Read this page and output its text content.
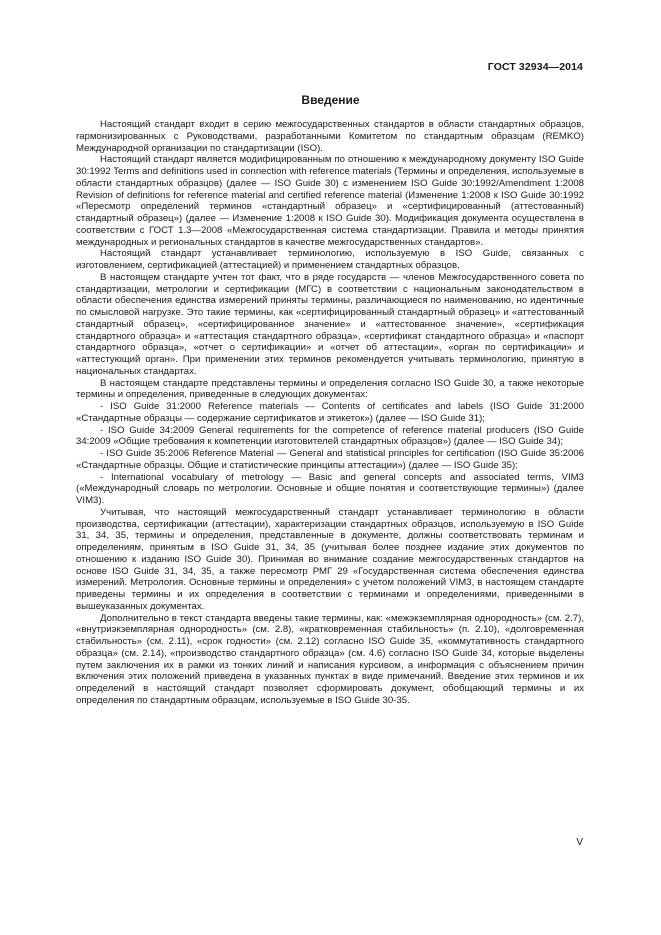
ГОСТ 32934—2014
Введение

Настоящий стандарт входит в серию межгосударственных стандартов в области стандартных образцов, гармонизированных с Руководствами, разработанными Комитетом по стандартным образцам (REMKO) Международной организации по стандартизации (ISO).

Настоящий стандарт является модифицированным по отношению к международному документу ISO Guide 30:1992 Terms and definitions used in connection with reference materials (Термины и определения, используемые в области стандартных образцов) (далее — ISO Guide 30) с изменением ISO Guide 30:1992/Amendment 1:2008 Revision of definitions for reference material and certified reference material (Изменение 1:2008 к ISO Guide 30:1992 «Пересмотр определений терминов «стандартный образец» и «сертифицированный (аттестованный) стандартный образец») (далее — Изменение 1:2008 к ISO Guide 30). Модификация документа осуществлена в соответствии с ГОСТ 1.3—2008 «Межгосударственная система стандартизации. Правила и методы принятия международных и региональных стандартов в качестве межгосударственных стандартов».

Настоящий стандарт устанавливает терминологию, используемую в ISO Guide, связанных с изготовлением, сертификацией (аттестацией) и применением стандартных образцов.

В настоящем стандарте учтен тот факт, что в ряде государств — членов Межгосударственного совета по стандартизации, метрологии и сертификации (МГС) в соответствии с национальным законодательством в области обеспечения единства измерений приняты термины, различающиеся по наименованию, но идентичные по смысловой нагрузке. Это такие термины, как «сертифицированный стандартный образец» и «аттестованный стандартный образец», «сертифицированное значение» и «аттестованное значение», «сертификация стандартного образца» и «аттестация стандартного образца», «сертификат стандартного образца» и «паспорт стандартного образца», «отчет о сертификации» и «отчет об аттестации», «орган по сертификации» и «аттестующий орган». При применении этих терминов рекомендуется учитывать терминологию, принятую в национальных стандартах.

В настоящем стандарте представлены термины и определения согласно ISO Guide 30, а также некоторые термины и определения, приведенные в следующих документах:

- ISO Guide 31:2000 Reference materials — Contents of certificates and labels (ISO Guide 31:2000 «Стандартные образцы — содержание сертификатов и этикеток») (далее — ISO Guide 31);

- ISO Guide 34:2009 General requirements for the competence of reference material producers (ISO Guide 34:2009 «Общие требования к компетенции изготовителей стандартных образцов») (далее — ISO Guide 34);

- ISO Guide 35:2006 Reference Material — General and statistical principles for certification (ISO Guide 35:2006 «Стандартные образцы. Общие и статистические принципы аттестации») (далее — ISO Guide 35);

- International vocabulary of metrology — Basic and general concepts and associated terms, VIM3 («Международный словарь по метрологии. Основные и общие понятия и соответствующие термины») (далее VIM3).

Учитывая, что настоящий межгосударственный стандарт устанавливает терминологию в области производства, сертификации (аттестации), характеризации стандартных образцов, используемую в ISO Guide 31, 34, 35, термины и определения, представленные в документе, должны соответствовать терминам и определениям, принятым в ISO Guide 31, 34, 35 (учитывая более позднее издание этих документов по отношению к изданию ISO Guide 30). Принимая во внимание создание межгосударственных стандартов на основе ISO Guide 31, 34, 35, а также пересмотр РМГ 29 «Государственная система обеспечения единства измерений. Метрология. Основные термины и определения» с учетом положений VIM3, в настоящем стандарте приведены термины и их определения в соответствии с терминами и определениями, приведенными в вышеуказанных документах.

Дополнительно в текст стандарта введены такие термины, как: «межэкземплярная однородность» (см. 2.7), «внутриэкземплярная однородность» (см. 2.8), «кратковременная стабильность» (п. 2.10), «долговременная стабильность» (см. 2.11), «срок годности» (см. 2.12) согласно ISO Guide 35, «коммутативность стандартного образца» (см. 2.14), «производство стандартного образца» (см. 4.6) согласно ISO Guide 34, которые выделены путем заключения их в рамки из тонких линий и написания курсивом, а информация с объяснением причин включения этих положений приведена в указанных пунктах в виде примечаний. Введение этих терминов и их определений в настоящий стандарт позволяет сформировать документ, обобщающий термины и их определения по стандартным образцам, используемые в ISO Guide 30-35.

V
